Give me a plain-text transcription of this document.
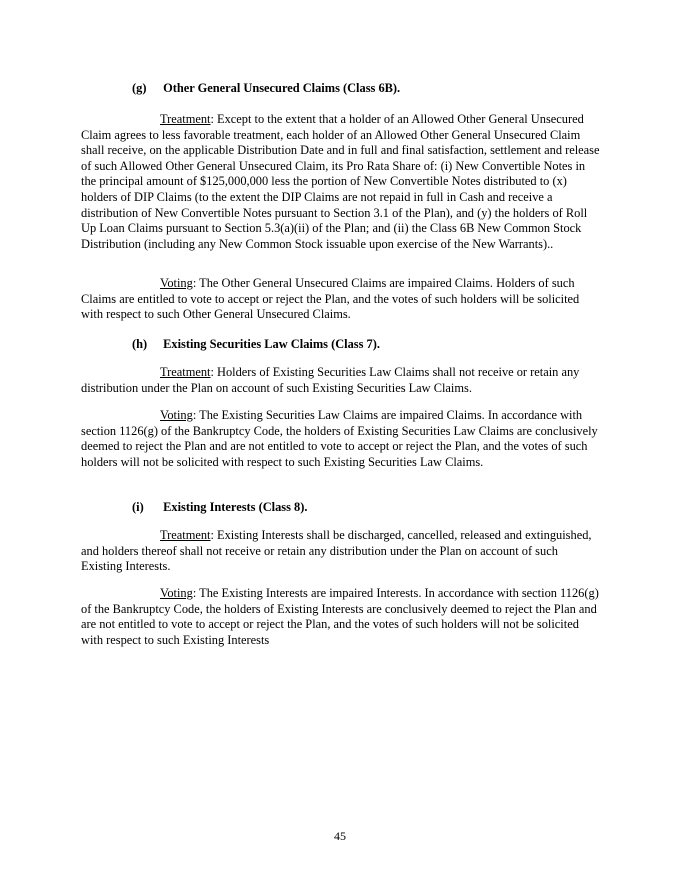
(g) Other General Unsecured Claims (Class 6B).
Treatment: Except to the extent that a holder of an Allowed Other General Unsecured Claim agrees to less favorable treatment, each holder of an Allowed Other General Unsecured Claim shall receive, on the applicable Distribution Date and in full and final satisfaction, settlement and release of such Allowed Other General Unsecured Claim, its Pro Rata Share of: (i) New Convertible Notes in the principal amount of $125,000,000 less the portion of New Convertible Notes distributed to (x) holders of DIP Claims (to the extent the DIP Claims are not repaid in full in Cash and receive a distribution of New Convertible Notes pursuant to Section 3.1 of the Plan), and (y) the holders of Roll Up Loan Claims pursuant to Section 5.3(a)(ii) of the Plan; and (ii) the Class 6B New Common Stock Distribution (including any New Common Stock issuable upon exercise of the New Warrants)..
Voting: The Other General Unsecured Claims are impaired Claims. Holders of such Claims are entitled to vote to accept or reject the Plan, and the votes of such holders will be solicited with respect to such Other General Unsecured Claims.
(h) Existing Securities Law Claims (Class 7).
Treatment: Holders of Existing Securities Law Claims shall not receive or retain any distribution under the Plan on account of such Existing Securities Law Claims.
Voting: The Existing Securities Law Claims are impaired Claims. In accordance with section 1126(g) of the Bankruptcy Code, the holders of Existing Securities Law Claims are conclusively deemed to reject the Plan and are not entitled to vote to accept or reject the Plan, and the votes of such holders will not be solicited with respect to such Existing Securities Law Claims.
(i) Existing Interests (Class 8).
Treatment: Existing Interests shall be discharged, cancelled, released and extinguished, and holders thereof shall not receive or retain any distribution under the Plan on account of such Existing Interests.
Voting: The Existing Interests are impaired Interests. In accordance with section 1126(g) of the Bankruptcy Code, the holders of Existing Interests are conclusively deemed to reject the Plan and are not entitled to vote to accept or reject the Plan, and the votes of such holders will not be solicited with respect to such Existing Interests
45
